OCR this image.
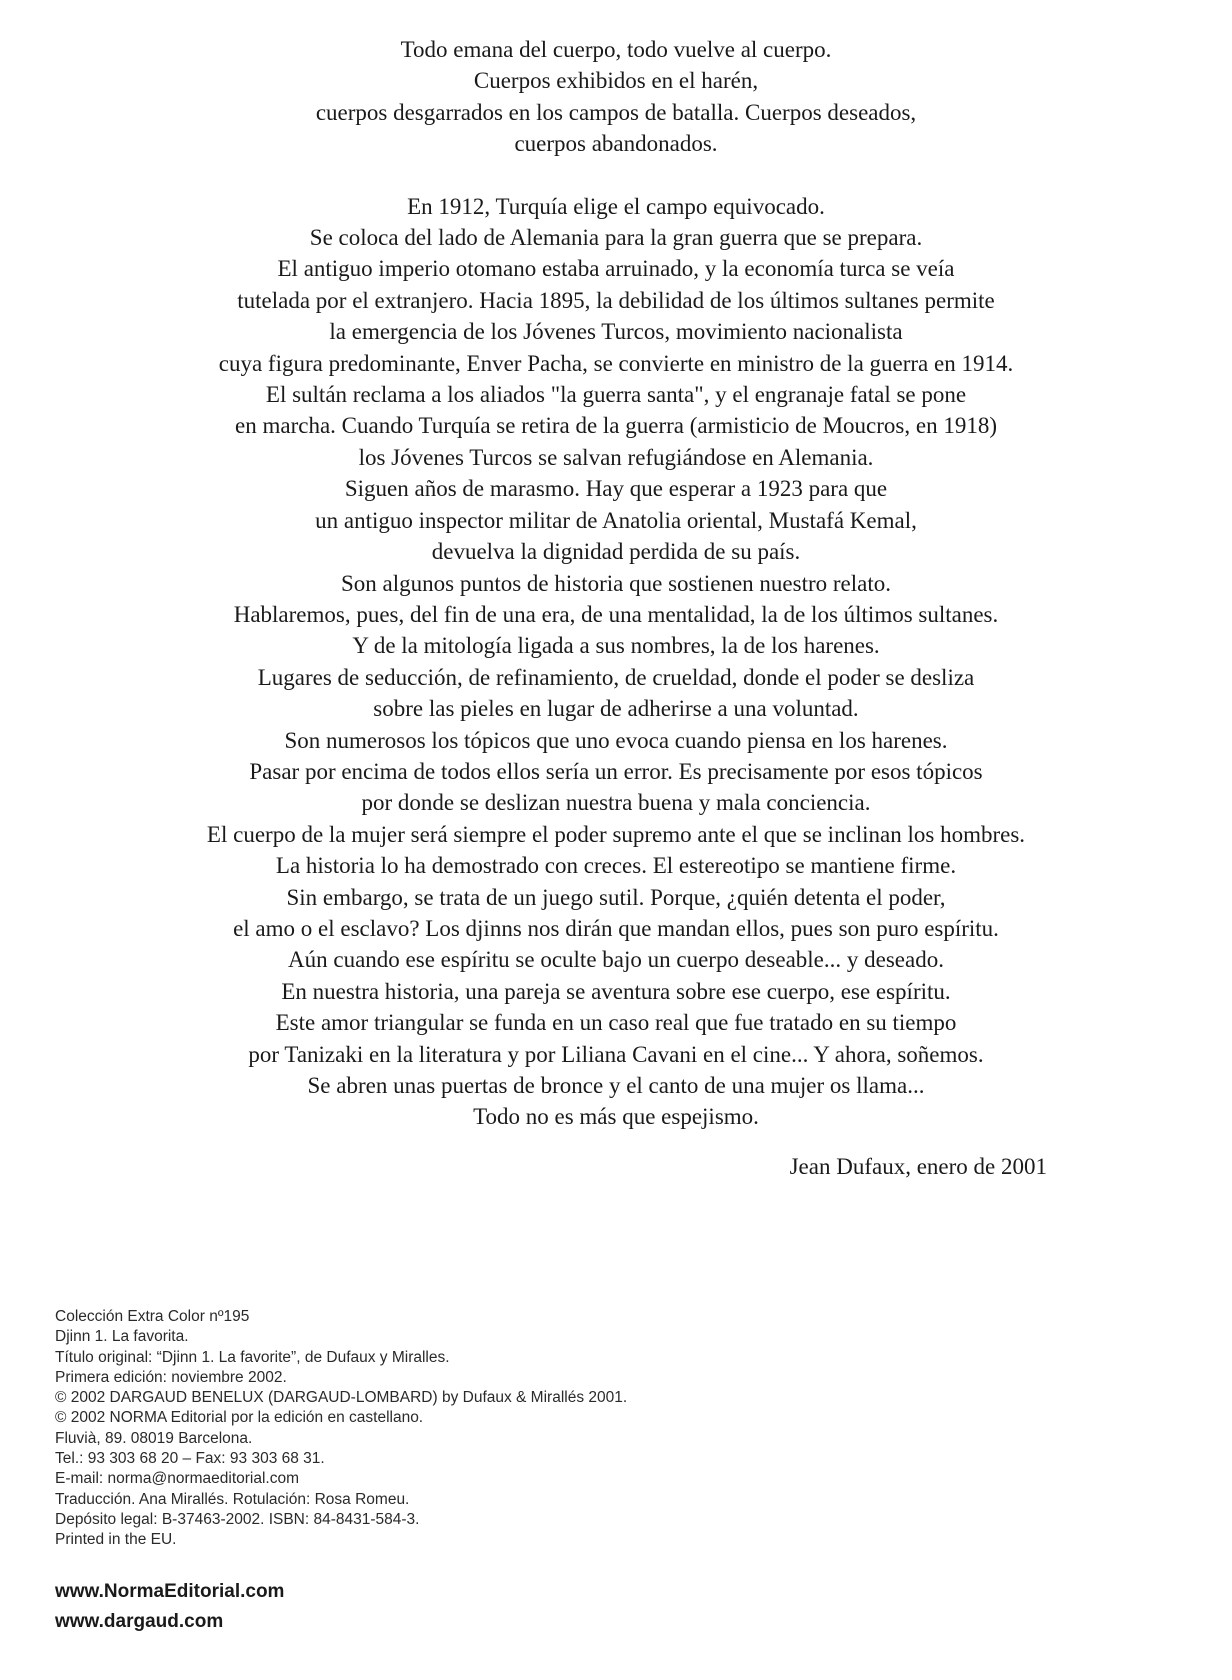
Todo emana del cuerpo, todo vuelve al cuerpo.
Cuerpos exhibidos en el harén,
cuerpos desgarrados en los campos de batalla. Cuerpos deseados,
cuerpos abandonados.
En 1912, Turquía elige el campo equivocado.
Se coloca del lado de Alemania para la gran guerra que se prepara.
El antiguo imperio otomano estaba arruinado, y la economía turca se veía
tutelada por el extranjero. Hacia 1895, la debilidad de los últimos sultanes permite
la emergencia de los Jóvenes Turcos, movimiento nacionalista
cuya figura predominante, Enver Pacha, se convierte en ministro de la guerra en 1914.
El sultán reclama a los aliados "la guerra santa", y el engranaje fatal se pone
en marcha. Cuando Turquía se retira de la guerra (armisticio de Moucros, en 1918)
los Jóvenes Turcos se salvan refugiándose en Alemania.
Siguen años de marasmo. Hay que esperar a 1923 para que
un antiguo inspector militar de Anatolia oriental, Mustafá Kemal,
devuelva la dignidad perdida de su país.
Son algunos puntos de historia que sostienen nuestro relato.
Hablaremos, pues, del fin de una era, de una mentalidad, la de los últimos sultanes.
Y de la mitología ligada a sus nombres, la de los harenes.
Lugares de seducción, de refinamiento, de crueldad, donde el poder se desliza
sobre las pieles en lugar de adherirse a una voluntad.
Son numerosos los tópicos que uno evoca cuando piensa en los harenes.
Pasar por encima de todos ellos sería un error. Es precisamente por esos tópicos
por donde se deslizan nuestra buena y mala conciencia.
El cuerpo de la mujer será siempre el poder supremo ante el que se inclinan los hombres.
La historia lo ha demostrado con creces. El estereotipo se mantiene firme.
Sin embargo, se trata de un juego sutil. Porque, ¿quién detenta el poder,
el amo o el esclavo? Los djinns nos dirán que mandan ellos, pues son puro espíritu.
Aún cuando ese espíritu se oculte bajo un cuerpo deseable... y deseado.
En nuestra historia, una pareja se aventura sobre ese cuerpo, ese espíritu.
Este amor triangular se funda en un caso real que fue tratado en su tiempo
por Tanizaki en la literatura y por Liliana Cavani en el cine... Y ahora, soñemos.
Se abren unas puertas de bronce y el canto de una mujer os llama...
Todo no es más que espejismo.
Jean Dufaux, enero de 2001
Colección Extra Color nº195
Djinn 1. La favorita.
Título original: “Djinn 1. La favorite”, de Dufaux y Miralles.
Primera edición: noviembre 2002.
© 2002 DARGAUD BENELUX (DARGAUD-LOMBARD) by Dufaux & Mirallés 2001.
© 2002 NORMA Editorial por la edición en castellano.
Fluvià, 89. 08019 Barcelona.
Tel.: 93 303 68 20 – Fax: 93 303 68 31.
E-mail: norma@normaeditorial.com
Traducción. Ana Mirallés. Rotulación: Rosa Romeu.
Depósito legal: B-37463-2002. ISBN: 84-8431-584-3.
Printed in the EU.
www.NormaEditorial.com
www.dargaud.com
